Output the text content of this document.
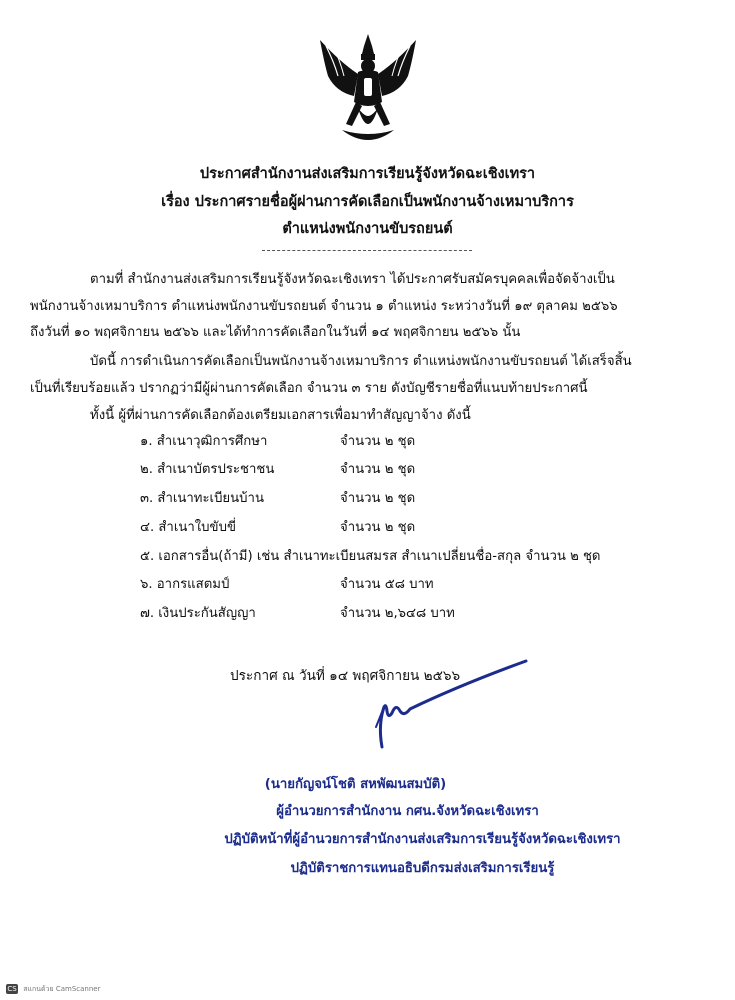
ประกาศสำนักงานส่งเสริมการเรียนรู้จังหวัดฉะเชิงเทรา
เรื่อง ประกาศรายชื่อผู้ผ่านการคัดเลือกเป็นพนักงานจ้างเหมาบริการ
ตำแหน่งพนักงานขับรถยนต์
ตามที่ สำนักงานส่งเสริมการเรียนรู้จังหวัดฉะเชิงเทรา ได้ประกาศรับสมัครบุคคลเพื่อจัดจ้างเป็น
พนักงานจ้างเหมาบริการ ตำแหน่งพนักงานขับรถยนต์ จำนวน ๑ ตำแหน่ง ระหว่างวันที่ ๑๙ ตุลาคม ๒๕๖๖
ถึงวันที่ ๑๐ พฤศจิกายน ๒๕๖๖ และได้ทำการคัดเลือกในวันที่ ๑๔ พฤศจิกายน ๒๕๖๖ นั้น
บัดนี้ การดำเนินการคัดเลือกเป็นพนักงานจ้างเหมาบริการ ตำแหน่งพนักงานขับรถยนต์ ได้เสร็จสิ้น
เป็นที่เรียบร้อยแล้ว ปรากฏว่ามีผู้ผ่านการคัดเลือก จำนวน ๓ ราย ดังบัญชีรายชื่อที่แนบท้ายประกาศนี้
ทั้งนี้ ผู้ที่ผ่านการคัดเลือกต้องเตรียมเอกสารเพื่อมาทำสัญญาจ้าง ดังนี้
๑. สำเนาวุฒิการศึกษา	จำนวน ๒ ชุด
๒. สำเนาบัตรประชาชน	จำนวน ๒ ชุด
๓. สำเนาทะเบียนบ้าน	จำนวน ๒ ชุด
๔. สำเนาใบขับขี่	จำนวน ๒ ชุด
๕. เอกสารอื่น(ถ้ามี) เช่น สำเนาทะเบียนสมรส สำเนาเปลี่ยนชื่อ-สกุล จำนวน ๒ ชุด
๖. อากรแสตมป์	จำนวน ๕๘ บาท
๗. เงินประกันสัญญา	จำนวน ๒,๖๔๘ บาท
ประกาศ ณ วันที่ ๑๔ พฤศจิกายน ๒๕๖๖
(นายกัญจน์โชติ สหพัฒนสมบัติ)
ผู้อำนวยการสำนักงาน กศน.จังหวัดฉะเชิงเทรา
ปฏิบัติหน้าที่ผู้อำนวยการสำนักงานส่งเสริมการเรียนรู้จังหวัดฉะเชิงเทรา
ปฏิบัติราชการแทนอธิบดีกรมส่งเสริมการเรียนรู้
CS สแกนด้วย CamScanner
